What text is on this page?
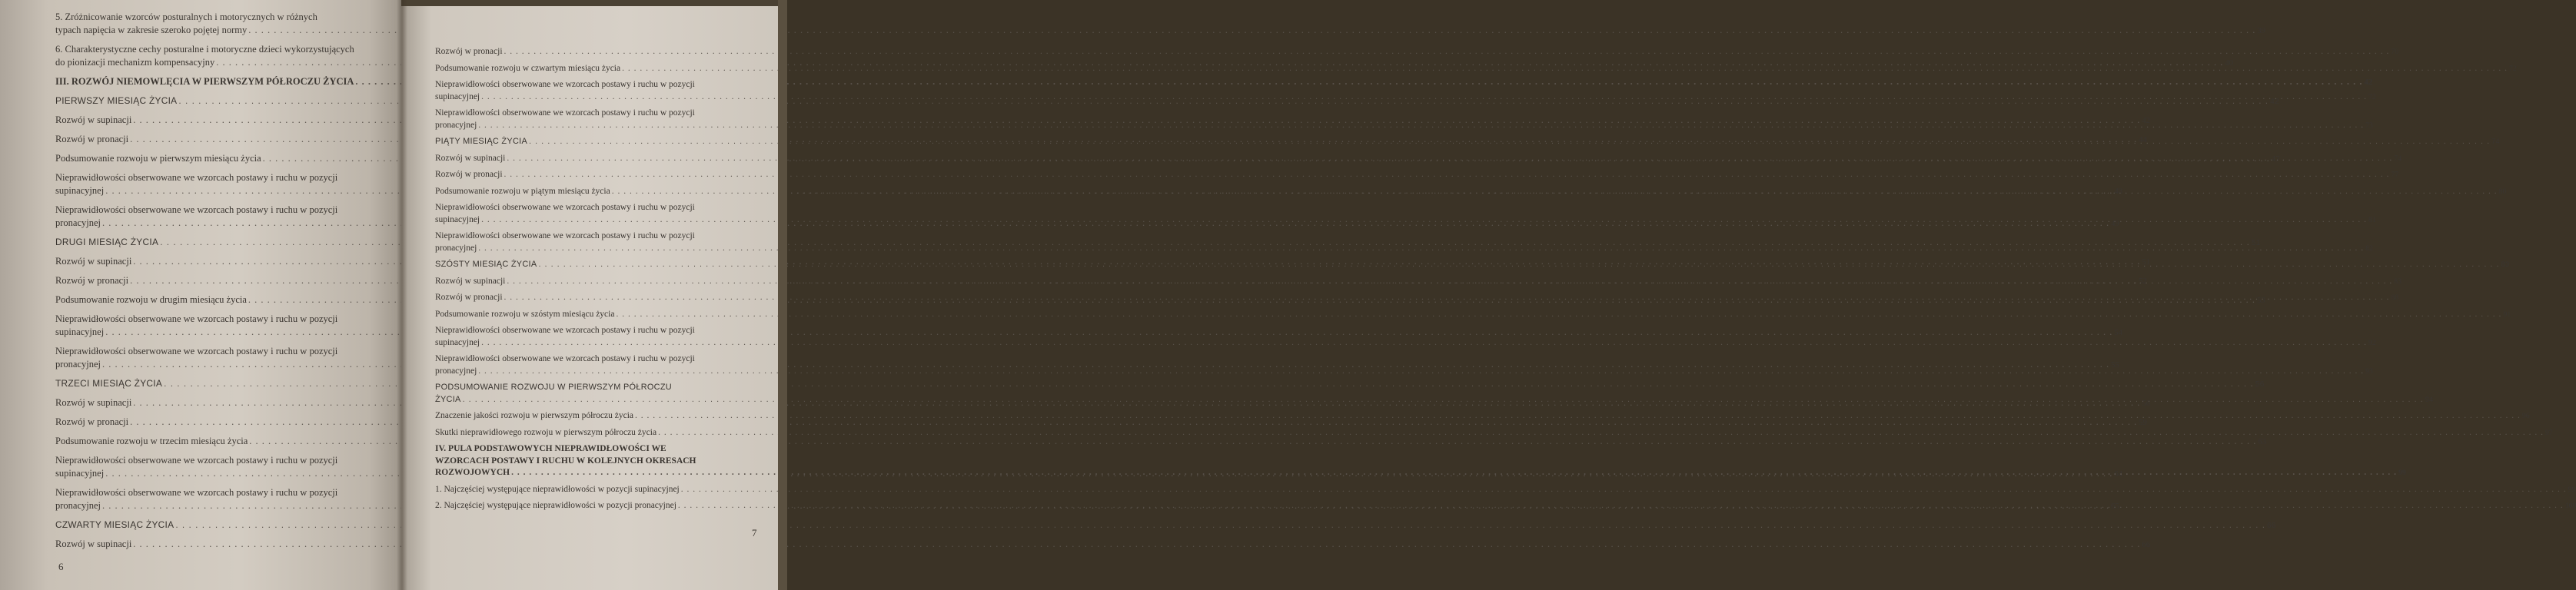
5. Zróżnicowanie wzorców posturalnych i motorycznych w różnych
typach napięcia w zakresie szeroko pojętej normy . . .	39
6. Charakterystyczne cechy posturalne i motoryczne dzieci wykorzystujących
do pionizacji mechanizm kompensacyjny . . .	40
III. ROZWÓJ NIEMOWLĘCIA W PIERWSZYM PÓŁROCZU ŻYCIA . . .	42
PIERWSZY MIESIĄC ŻYCIA . . .	42
Rozwój w supinacji . . .	42
Rozwój w pronacji . . .	44
Podsumowanie rozwoju w pierwszym miesiącu życia . . .	47
Nieprawidłowości obserwowane we wzorcach postawy i ruchu w pozycji
supinacyjnej . . .	48
Nieprawidłowości obserwowane we wzorcach postawy i ruchu w pozycji
pronacyjnej . . .	49
DRUGI MIESIĄC ŻYCIA . . .	51
Rozwój w supinacji . . .	51
Rozwój w pronacji . . .	52
Podsumowanie rozwoju w drugim miesiącu życia . . .	53
Nieprawidłowości obserwowane we wzorcach postawy i ruchu w pozycji
supinacyjnej . . .	54
Nieprawidłowości obserwowane we wzorcach postawy i ruchu w pozycji
pronacyjnej . . .	55
TRZECI MIESIĄC ŻYCIA . . .	56
Rozwój w supinacji . . .	56
Rozwój w pronacji . . .	59
Podsumowanie rozwoju w trzecim miesiącu życia . . .	63
Nieprawidłowości obserwowane we wzorcach postawy i ruchu w pozycji
supinacyjnej . . .	64
Nieprawidłowości obserwowane we wzorcach postawy i ruchu w pozycji
pronacyjnej . . .	65
CZWARTY MIESIĄC ŻYCIA . . .	66
Rozwój w supinacji . . .	66
6
Rozwój w pronacji . . .	70
Podsumowanie rozwoju w czwartym miesiącu życia . . .	72
Nieprawidłowości obserwowane we wzorcach postawy i ruchu w pozycji
supinacyjnej . . .	72
Nieprawidłowości obserwowane we wzorcach postawy i ruchu w pozycji
pronacyjnej . . .	73
PIĄTY MIESIĄC ŻYCIA . . .	74
Rozwój w supinacji . . .	74
Rozwój w pronacji . . .	77
Podsumowanie rozwoju w piątym miesiącu życia . . .	80
Nieprawidłowości obserwowane we wzorcach postawy i ruchu w pozycji
supinacyjnej . . .	81
Nieprawidłowości obserwowane we wzorcach postawy i ruchu w pozycji
pronacyjnej . . .	82
SZÓSTY MIESIĄC ŻYCIA . . .	83
Rozwój w supinacji . . .	83
Rozwój w pronacji . . .	88
Podsumowanie rozwoju w szóstym miesiącu życia . . .	91
Nieprawidłowości obserwowane we wzorcach postawy i ruchu w pozycji
supinacyjnej . . .	92
Nieprawidłowości obserwowane we wzorcach postawy i ruchu w pozycji
pronacyjnej . . .	93
PODSUMOWANIE ROZWOJU W PIERWSZYM PÓŁROCZU
ŻYCIA . . .	94
Znaczenie jakości rozwoju w pierwszym półroczu życia . . .	96
Skutki nieprawidłowego rozwoju w pierwszym półroczu życia . . .	97
IV. PULA PODSTAWOWYCH NIEPRAWIDŁOWOŚCI WE
WZORCACH POSTAWY I RUCHU W KOLEJNYCH OKRESACH
ROZWOJOWYCH . . .	99
1. Najczęściej występujące nieprawidłowości w pozycji supinacyjnej . . .	99
2. Najczęściej występujące nieprawidłowości w pozycji pronacyjnej . . .	100
7
